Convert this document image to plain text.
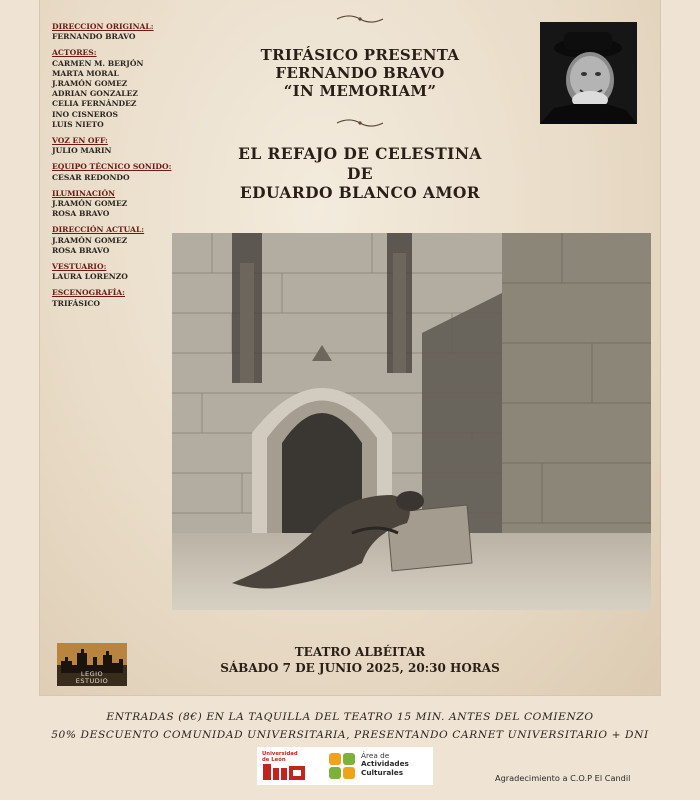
DIRECCION ORIGINAL:
FERNANDO BRAVO
ACTORES:
CARMEN M. BERJÓN
MARTA MORAL
J.RAMÓN GOMEZ
ADRIAN GONZALEZ
CELIA FERNÁNDEZ
INO CISNEROS
LUIS NIETO
VOZ EN OFF:
JULIO MARIN
EQUIPO TÉCNICO SONIDO:
CESAR REDONDO
ILUMINACIÓN
J.RAMÓN GOMEZ
ROSA BRAVO
DIRECCIÓN ACTUAL:
J.RAMÓN GOMEZ
ROSA BRAVO
VESTUARIO:
LAURA LORENZO
ESCENOGRAFÍA:
TRIFÁSICO
TRIFÁSICO PRESENTA
FERNANDO BRAVO
“IN MEMORIAM”
EL REFAJO DE CELESTINA
DE
EDUARDO BLANCO AMOR
TEATRO ALBÉITAR
SÁBADO 7 DE JUNIO 2025, 20:30 HORAS
LEGIO
ESTUDIO
ENTRADAS (8€) EN LA TAQUILLA DEL TEATRO 15 MIN. ANTES DEL COMIENZO
50% DESCUENTO COMUNIDAD UNIVERSITARIA, PRESENTANDO CARNET UNIVERSITARIO + DNI
Universidad de León	Área de
Actividades
Culturales
Agradecimiento a C.O.P El Candil
